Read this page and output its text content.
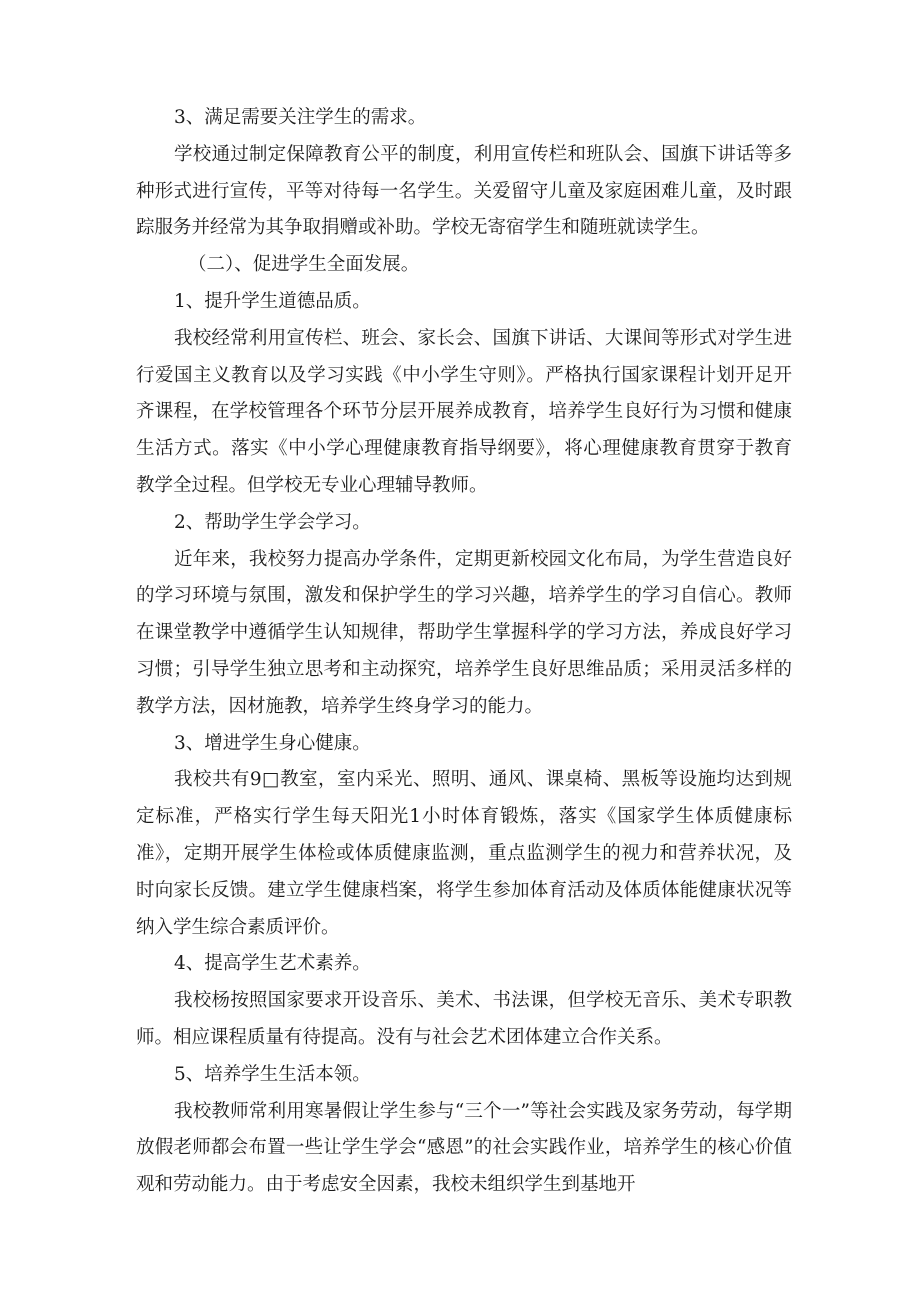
3、满足需要关注学生的需求。

学校通过制定保障教育公平的制度，利用宣传栏和班队会、国旗下讲话等多种形式进行宣传，平等对待每一名学生。关爱留守儿童及家庭困难儿童，及时跟踪服务并经常为其争取捐赠或补助。学校无寄宿学生和随班就读学生。

（二）、促进学生全面发展。

1、提升学生道德品质。

我校经常利用宣传栏、班会、家长会、国旗下讲话、大课间等形式对学生进行爱国主义教育以及学习实践《中小学生守则》。严格执行国家课程计划开足开齐课程，在学校管理各个环节分层开展养成教育，培养学生良好行为习惯和健康生活方式。落实《中小学心理健康教育指导纲要》，将心理健康教育贯穿于教育教学全过程。但学校无专业心理辅导教师。

2、帮助学生学会学习。

近年来，我校努力提高办学条件，定期更新校园文化布局，为学生营造良好的学习环境与氛围，激发和保护学生的学习兴趣，培养学生的学习自信心。教师在课堂教学中遵循学生认知规律，帮助学生掌握科学的学习方法，养成良好学习习惯；引导学生独立思考和主动探究，培养学生良好思维品质；采用灵活多样的教学方法，因材施教，培养学生终身学习的能力。

3、增进学生身心健康。

我校共有9□教室，室内采光、照明、通风、课桌椅、黑板等设施均达到规定标准，严格实行学生每天阳光1小时体育锻炼，落实《国家学生体质健康标准》，定期开展学生体检或体质健康监测，重点监测学生的视力和营养状况，及时向家长反馈。建立学生健康档案，将学生参加体育活动及体质体能健康状况等纳入学生综合素质评价。

4、提高学生艺术素养。

我校杨按照国家要求开设音乐、美术、书法课，但学校无音乐、美术专职教师。相应课程质量有待提高。没有与社会艺术团体建立合作关系。

5、培养学生生活本领。

我校教师常利用寒暑假让学生参与“三个一”等社会实践及家务劳动，每学期放假老师都会布置一些让学生学会“感恩”的社会实践作业，培养学生的核心价值观和劳动能力。由于考虑安全因素，我校未组织学生到基地开
